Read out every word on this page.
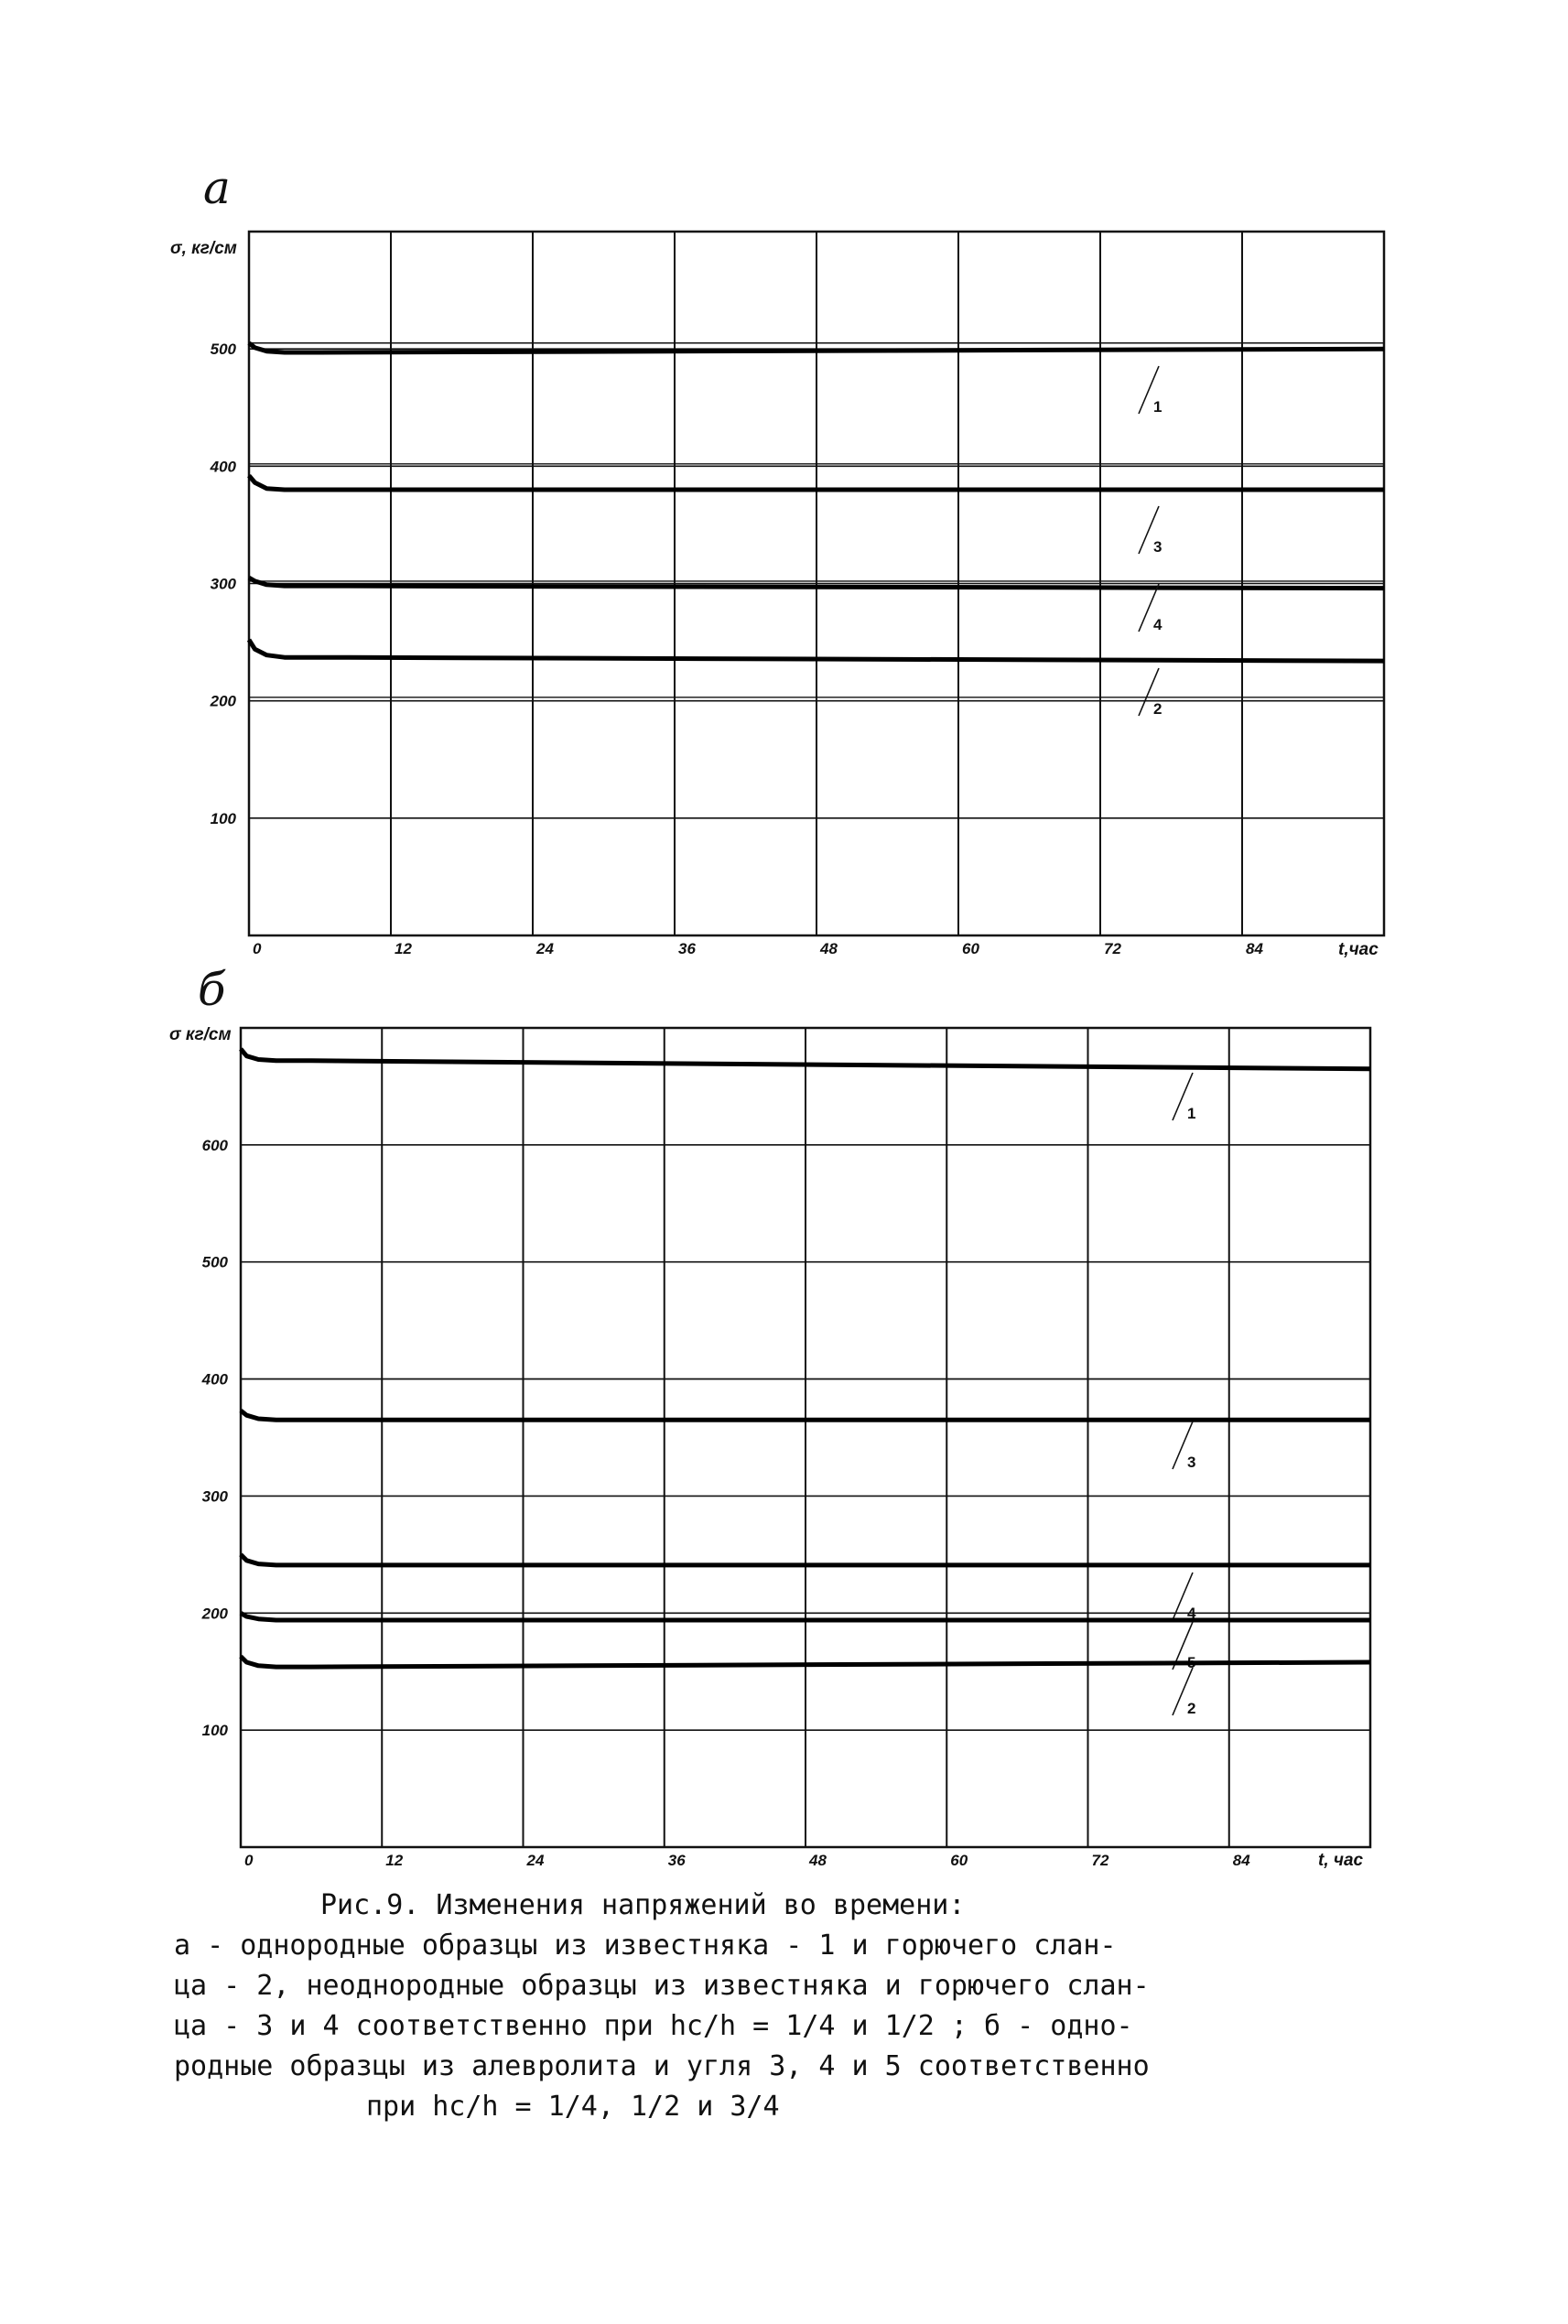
а
σ, кг/см
t,час
0	12	24	36	48	60	72	84
100
200
300
400
500
1
3
4
2
б
σ кг/см
t, час
0	12	24	36	48	60	72	84
100
200
300
400
500
600
1
3
4
5
2
Рис.9. Изменения напряжений во времени:
а - однородные образцы из известняка - 1 и горючего слан-
ца - 2, неоднородные образцы из известняка и горючего слан-
ца - 3 и 4 соответственно при hc/h = 1/4 и 1/2 ; б - одно-
родные образцы из алевролита и угля 3, 4 и 5 соответственно
при hc/h = 1/4, 1/2 и 3/4
